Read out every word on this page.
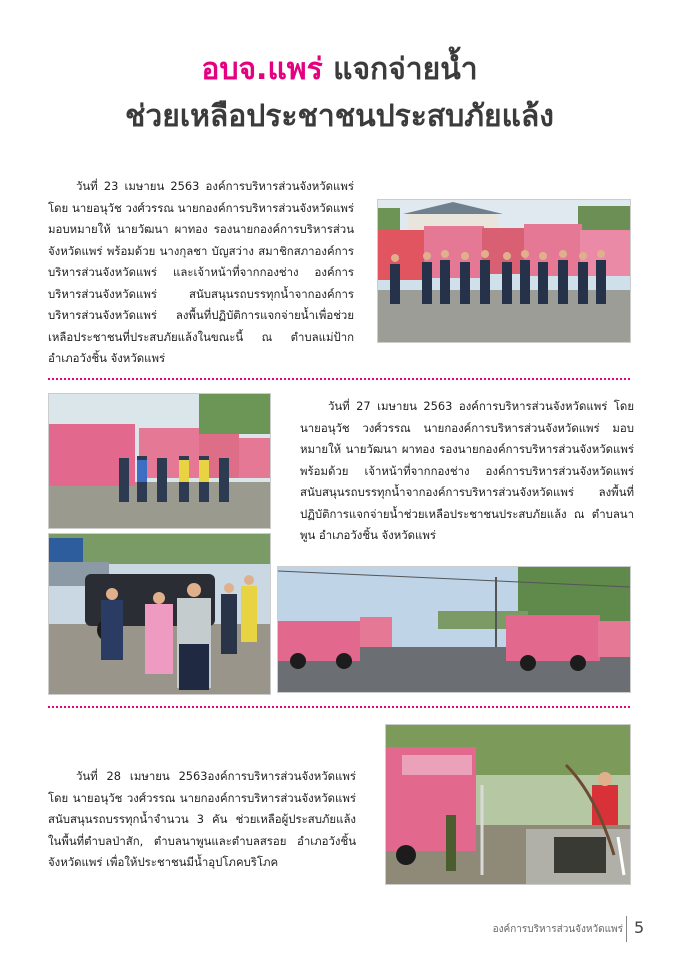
อบจ.แพร่ แจกจ่ายน้ำ
ช่วยเหลือประชาชนประสบภัยแล้ง

วันที่ 23 เมษายน 2563 องค์การบริหารส่วนจังหวัดแพร่ โดย นายอนุวัช วงศ์วรรณ นายกองค์การบริหารส่วนจังหวัดแพร่ มอบหมายให้ นายวัฒนา ผาทอง รองนายกองค์การบริหารส่วนจังหวัดแพร่ พร้อมด้วย นางกุลชา บัญสว่าง สมาชิกสภาองค์การบริหารส่วนจังหวัดแพร่ และเจ้าหน้าที่จากกองช่าง องค์การบริหารส่วนจังหวัดแพร่ สนับสนุนรถบรรทุกน้ำจากองค์การบริหารส่วนจังหวัดแพร่ ลงพื้นที่ปฏิบัติการแจกจ่ายน้ำเพื่อช่วยเหลือประชาชนที่ประสบภัยแล้งในขณะนี้ ณ ตำบลแม่ป้าก อำเภอวังชิ้น จังหวัดแพร่

วันที่ 27 เมษายน 2563 องค์การบริหารส่วนจังหวัดแพร่ โดย นายอนุวัช วงศ์วรรณ นายกองค์การบริหารส่วนจังหวัดแพร่ มอบหมายให้ นายวัฒนา ผาทอง รองนายกองค์การบริหารส่วนจังหวัดแพร่ พร้อมด้วย เจ้าหน้าที่จากกองช่าง องค์การบริหารส่วนจังหวัดแพร่ สนับสนุนรถบรรทุกน้ำจากองค์การบริหารส่วนจังหวัดแพร่ ลงพื้นที่ปฏิบัติการแจกจ่ายน้ำช่วยเหลือประชาชนประสบภัยแล้ง ณ ตำบลนาพูน อำเภอวังชิ้น จังหวัดแพร่

วันที่ 28 เมษายน 2563องค์การบริหารส่วนจังหวัดแพร่ โดย นายอนุวัช วงศ์วรรณ นายกองค์การบริหารส่วนจังหวัดแพร่ สนับสนุนรถบรรทุกน้ำจำนวน 3 คัน ช่วยเหลือผู้ประสบภัยแล้ง ในพื้นที่ตำบลป่าสัก, ตำบลนาพูนและตำบลสรอย อำเภอวังชิ้น จังหวัดแพร่ เพื่อให้ประชาชนมีน้ำอุปโภคบริโภค

องค์การบริหารส่วนจังหวัดแพร่ 5
